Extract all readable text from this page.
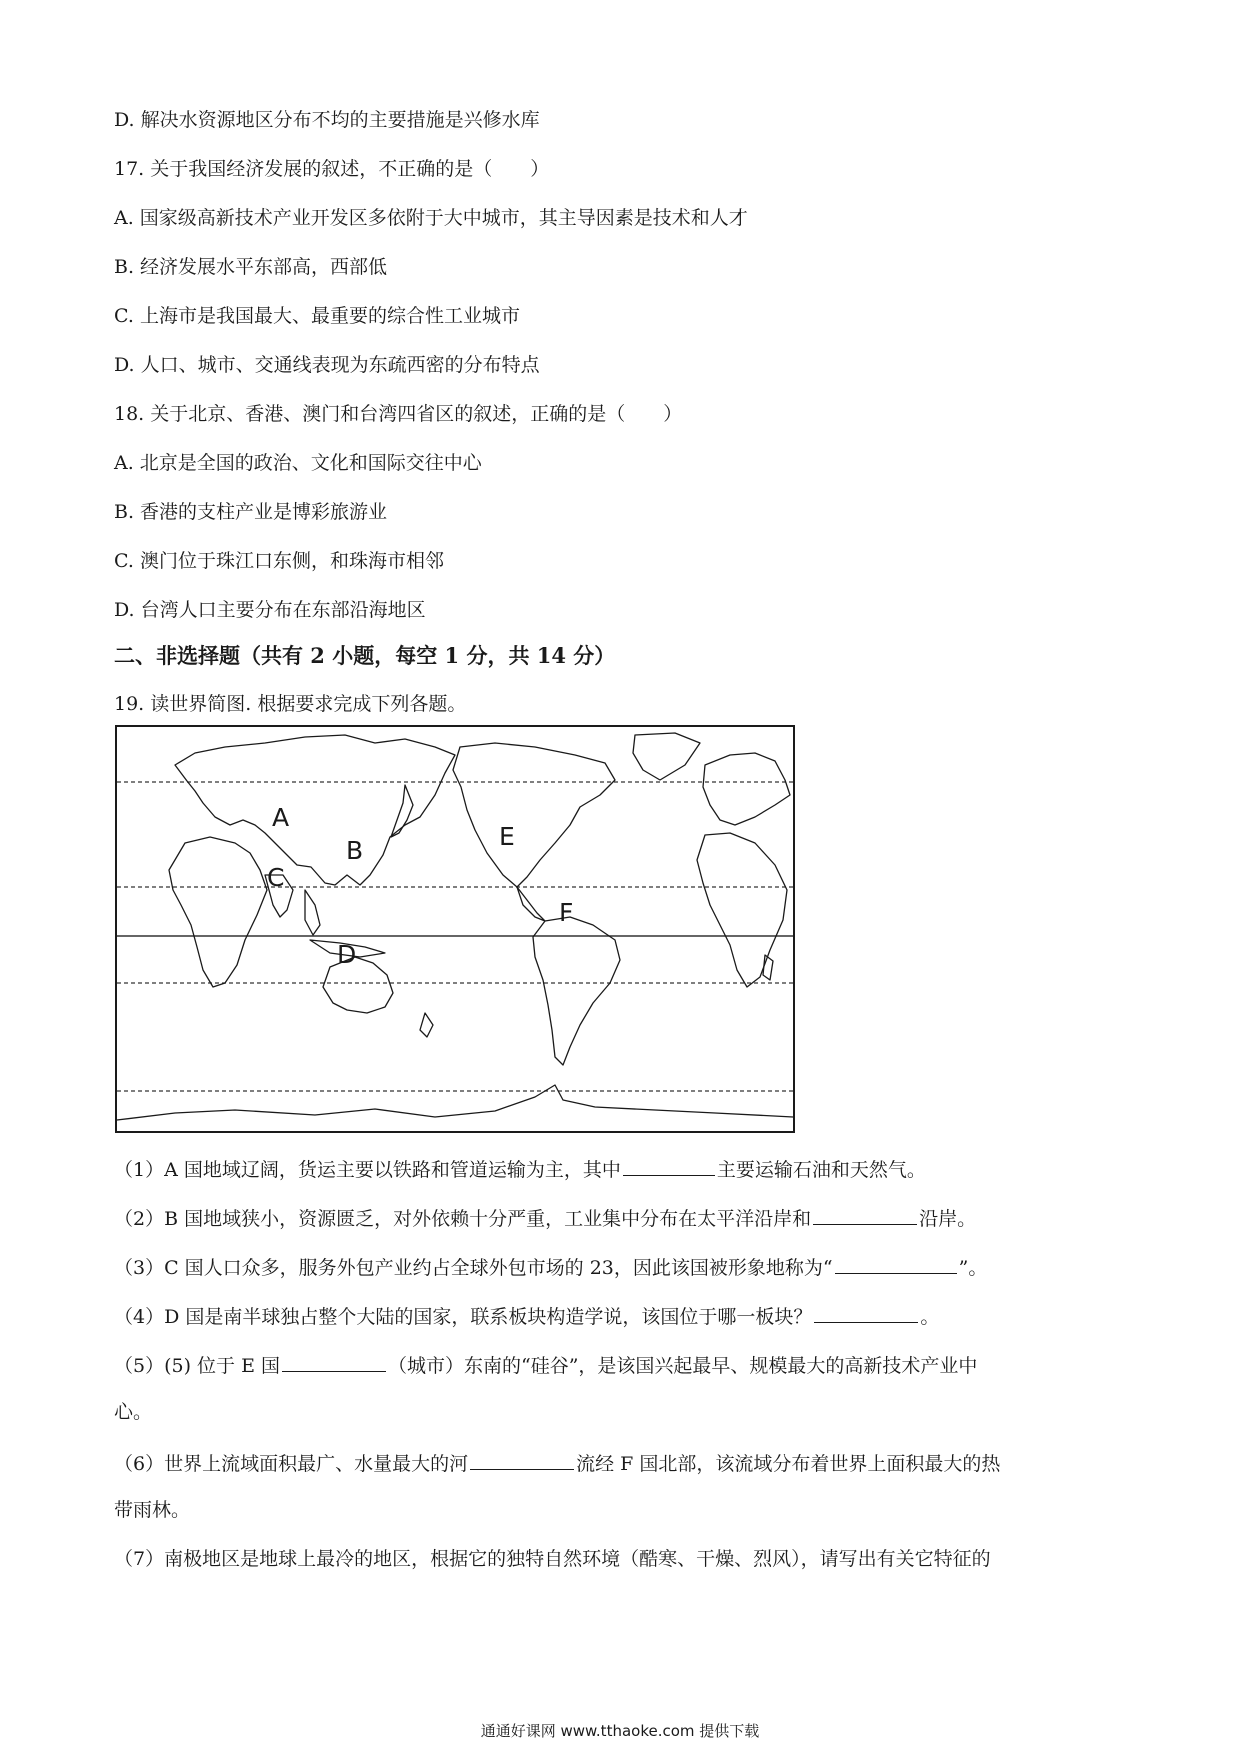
D. 解决水资源地区分布不均的主要措施是兴修水库
17. 关于我国经济发展的叙述，不正确的是（　　）
A. 国家级高新技术产业开发区多依附于大中城市，其主导因素是技术和人才
B. 经济发展水平东部高，西部低
C. 上海市是我国最大、最重要的综合性工业城市
D. 人口、城市、交通线表现为东疏西密的分布特点
18. 关于北京、香港、澳门和台湾四省区的叙述，正确的是（　　）
A. 北京是全国的政治、文化和国际交往中心
B. 香港的支柱产业是博彩旅游业
C. 澳门位于珠江口东侧，和珠海市相邻
D. 台湾人口主要分布在东部沿海地区
二、非选择题（共有 2 小题，每空 1 分，共 14 分）
19. 读世界简图. 根据要求完成下列各题。
A
B
C
D
E
F
（1）A 国地域辽阔，货运主要以铁路和管道运输为主，其中	主要运输石油和天然气。
（2）B 国地域狭小，资源匮乏，对外依赖十分严重，工业集中分布在太平洋沿岸和	沿岸。
（3）C 国人口众多，服务外包产业约占全球外包市场的 23，因此该国被形象地称为“	”。
（4）D 国是南半球独占整个大陆的国家，联系板块构造学说，该国位于哪一板块？	。
（5）(5) 位于 E 国	（城市）东南的“硅谷”，是该国兴起最早、规模最大的高新技术产业中
心。
（6）世界上流域面积最广、水量最大的河	流经 F 国北部，该流域分布着世界上面积最大的热
带雨林。
（7）南极地区是地球上最冷的地区，根据它的独特自然环境（酷寒、干燥、烈风），请写出有关它特征的
通通好课网 www.tthaoke.com 提供下载
